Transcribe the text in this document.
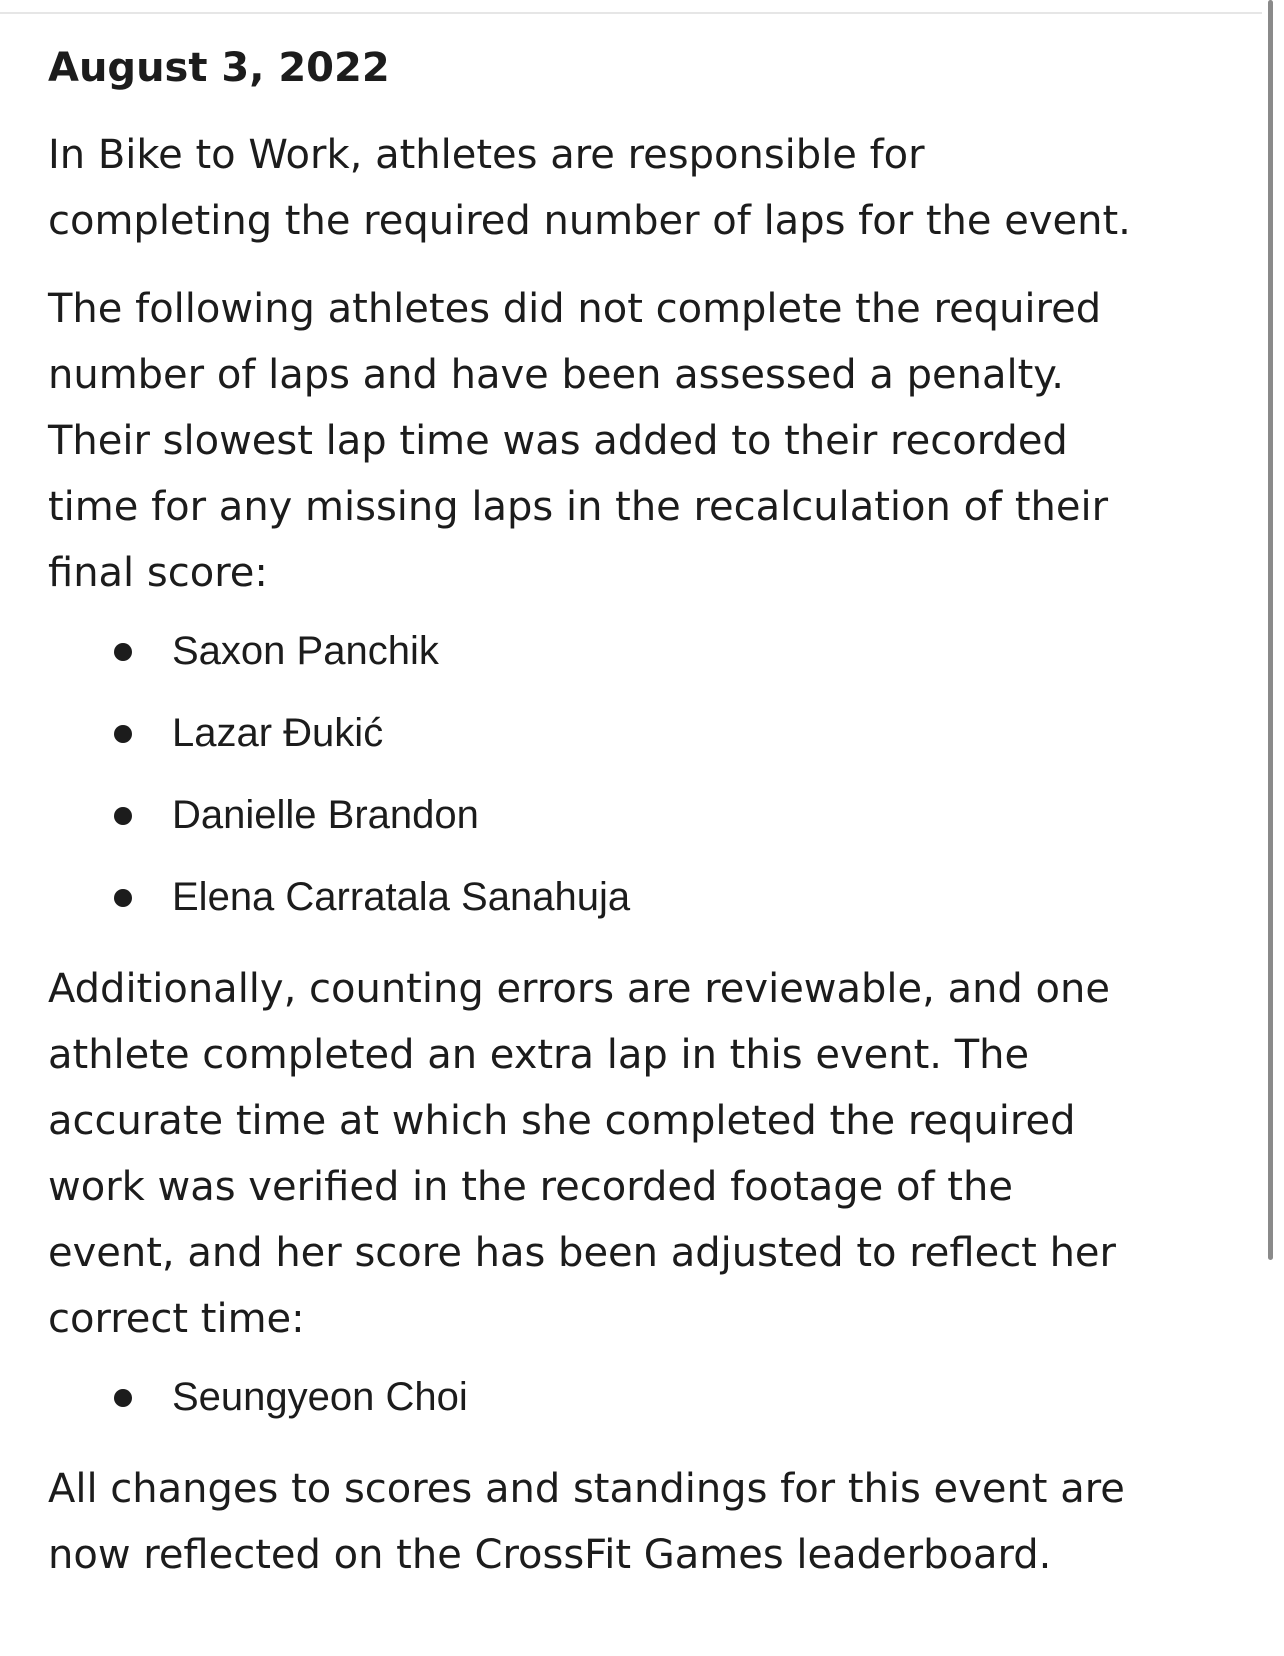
August 3, 2022
In Bike to Work, athletes are responsible for
completing the required number of laps for the event.
The following athletes did not complete the required
number of laps and have been assessed a penalty.
Their slowest lap time was added to their recorded
time for any missing laps in the recalculation of their
final score:
Saxon Panchik
Lazar Đukić
Danielle Brandon
Elena Carratala Sanahuja
Additionally, counting errors are reviewable, and one
athlete completed an extra lap in this event. The
accurate time at which she completed the required
work was verified in the recorded footage of the
event, and her score has been adjusted to reflect her
correct time:
Seungyeon Choi
All changes to scores and standings for this event are
now reflected on the CrossFit Games leaderboard.
